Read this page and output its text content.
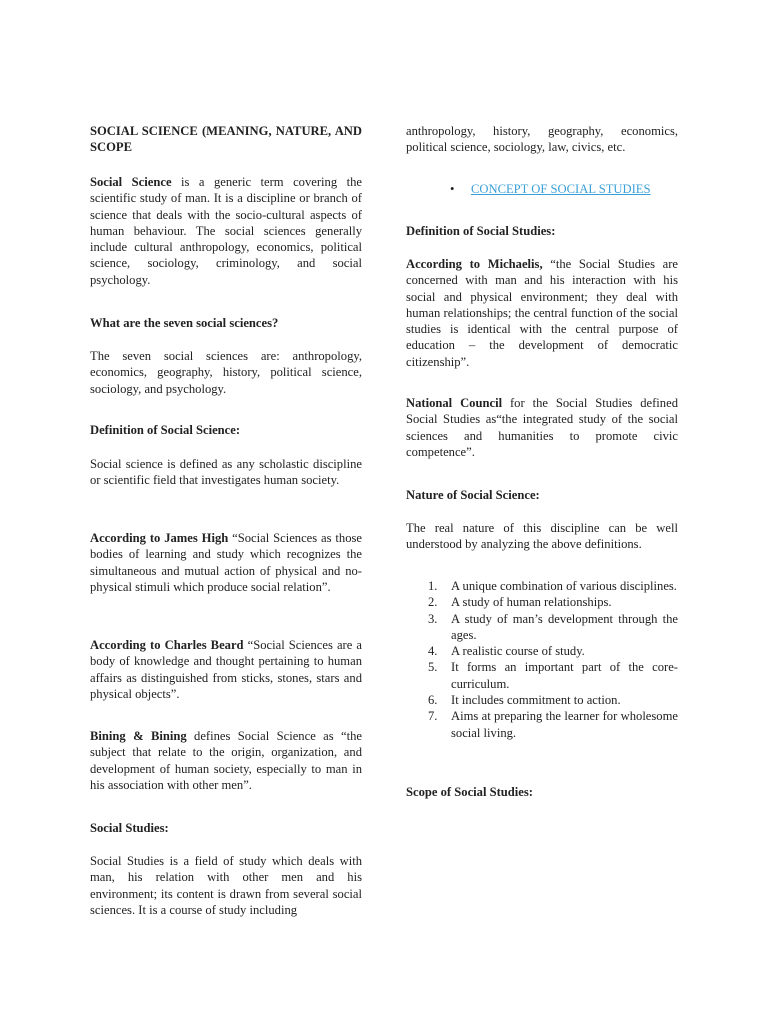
SOCIAL SCIENCE (MEANING, NATURE, AND SCOPE

Social Science is a generic term covering the scientific study of man. It is a discipline or branch of science that deals with the socio-cultural aspects of human behaviour. The social sciences generally include cultural anthropology, economics, political science, sociology, criminology, and social psychology.

What are the seven social sciences?

The seven social sciences are: anthropology, economics, geography, history, political science, sociology, and psychology.

Definition of Social Science:

Social science is defined as any scholastic discipline or scientific field that investigates human society.

According to James High “Social Sciences as those bodies of learning and study which recognizes the simultaneous and mutual action of physical and no-physical stimuli which produce social relation”.

According to Charles Beard “Social Sciences are a body of knowledge and thought pertaining to human affairs as distinguished from sticks, stones, stars and physical objects”.

Bining & Bining defines Social Science as “the subject that relate to the origin, organization, and development of human society, especially to man in his association with other men”.

Social Studies:

Social Studies is a field of study which deals with man, his relation with other men and his environment; its content is drawn from several social sciences. It is a course of study including

anthropology, history, geography, economics, political science, sociology, law, civics, etc.

• CONCEPT OF SOCIAL STUDIES

Definition of Social Studies:

According to Michaelis, “the Social Studies are concerned with man and his interaction with his social and physical environment; they deal with human relationships; the central function of the social studies is identical with the central purpose of education – the development of democratic citizenship”.

National Council for the Social Studies defined Social Studies as“the integrated study of the social sciences and humanities to promote civic competence”.

Nature of Social Science:

The real nature of this discipline can be well understood by analyzing the above definitions.

1. A unique combination of various disciplines.
2. A study of human relationships.
3. A study of man’s development through the ages.
4. A realistic course of study.
5. It forms an important part of the core-curriculum.
6. It includes commitment to action.
7. Aims at preparing the learner for wholesome social living.

Scope of Social Studies:
